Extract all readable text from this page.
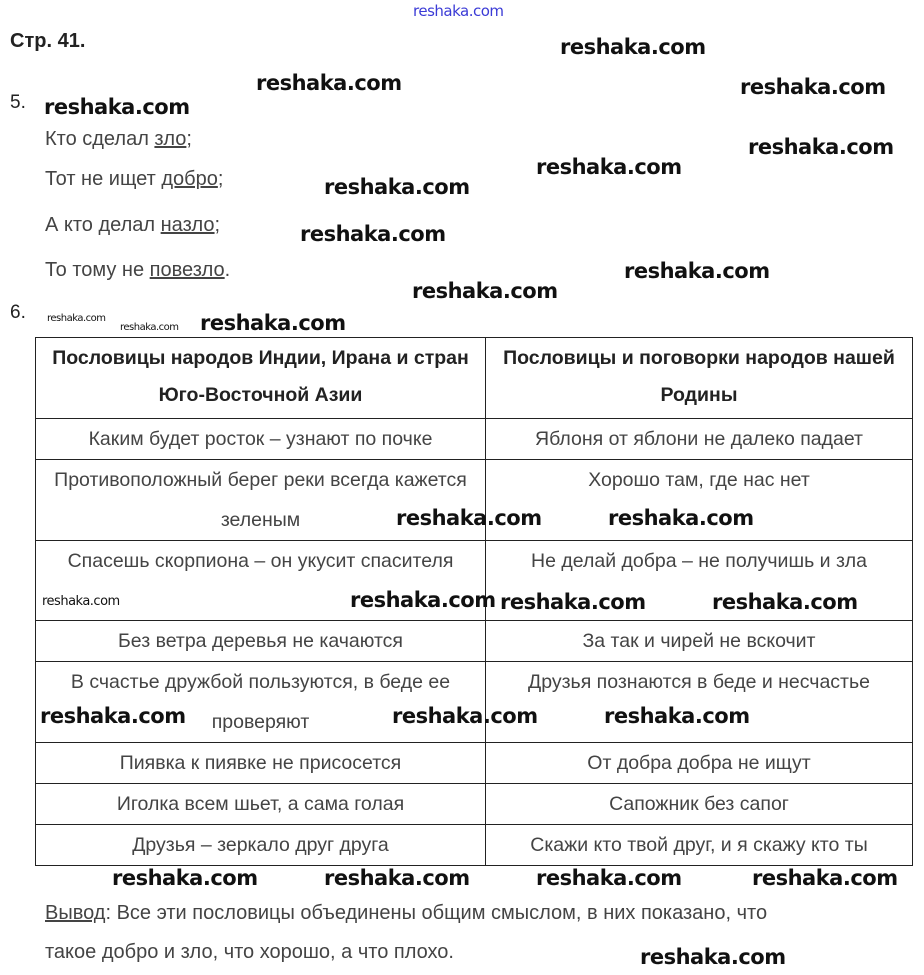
Стр. 41.
5.
Кто сделал зло;
Тот не ищет добро;
А кто делал назло;
То тому не повезло.
6.
Пословицы народов Индии, Ирана и стран Юго-Восточной Азии	Пословицы и поговорки народов нашей Родины
Каким будет росток – узнают по почке	Яблоня от яблони не далеко падает
Противоположный берег реки всегда кажется зеленым	Хорошо там, где нас нет
Спасешь скорпиона – он укусит спасителя	Не делай добра – не получишь и зла
Без ветра деревья не качаются	За так и чирей не вскочит
В счастье дружбой пользуются, в беде ее проверяют	Друзья познаются в беде и несчастье
Пиявка к пиявке не присосется	От добра добра не ищут
Иголка всем шьет, а сама голая	Сапожник без сапог
Друзья – зеркало друг друга	Скажи кто твой друг, и я скажу кто ты
Вывод: Все эти пословицы объединены общим смыслом, в них показано, что
такое добро и зло, что хорошо, а что плохо.
reshaka.com
reshaka.com
reshaka.com	reshaka.com
reshaka.com
reshaka.com
reshaka.com
reshaka.com
reshaka.com
reshaka.com
reshaka.com
reshaka.com	reshaka.com
reshaka.com
reshaka.com	reshaka.com
reshaka.com	reshaka.com	reshaka.com
reshaka.com
reshaka.com	reshaka.com
reshaka.com
reshaka.com	reshaka.com	reshaka.com	reshaka.com
reshaka.com
